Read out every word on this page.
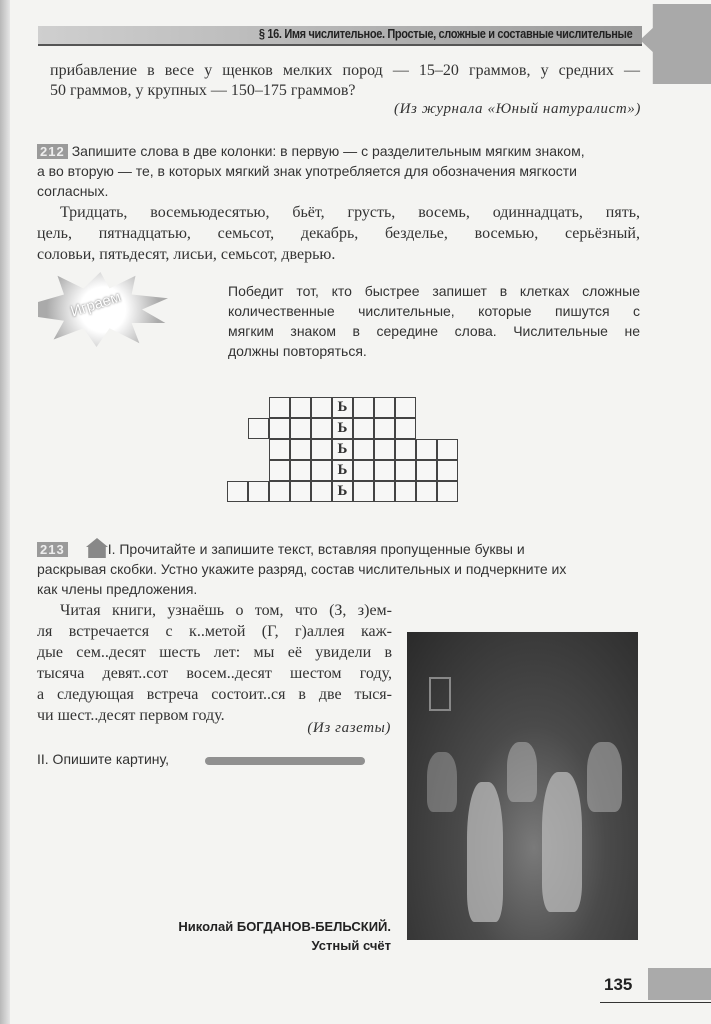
§ 16. Имя числительное. Простые, сложные и составные числительные
прибавление в весе у щенков мелких пород — 15–20 граммов, у средних —
50 граммов, у крупных — 150–175 граммов?
(Из журнала «Юный натуралист»)
212 Запишите слова в две колонки: в первую — с разделительным мягким знаком,
а во вторую — те, в которых мягкий знак употребляется для обозначения мягкости
согласных.
Тридцать, восемьюдесятью, бьёт, грусть, восемь, одиннадцать, пять,
цель, пятнадцатью, семьсот, декабрь, безделье, восемью, серьёзный,
соловьи, пятьдесят, лисьи, семьсот, дверью.
Играем	Победит тот, кто быстрее запишет в клетках сложные
количественные числительные, которые пишутся с
мягким знаком в середине слова. Числительные не
должны повторяться.
213	I. Прочитайте и запишите текст, вставляя пропущенные буквы и
раскрывая скобки. Устно укажите разряд, состав числительных и подчеркните их
как члены предложения.
Читая книги, узнаёшь о том, что (З, з)ем-
ля встречается с к..метой (Г, г)аллея каж-
дые сем..десят шесть лет: мы её увидели в
тысяча девят..сот восем..десят шестом году,
а следующая встреча состоит..ся в две тыся-
чи шест..десят первом году.
(Из газеты)
II. Опишите картину,
Николай БОГДАНОВ-БЕЛЬСКИЙ.
Устный счёт
135
Ь
Ь
Ь
Ь
Ь
